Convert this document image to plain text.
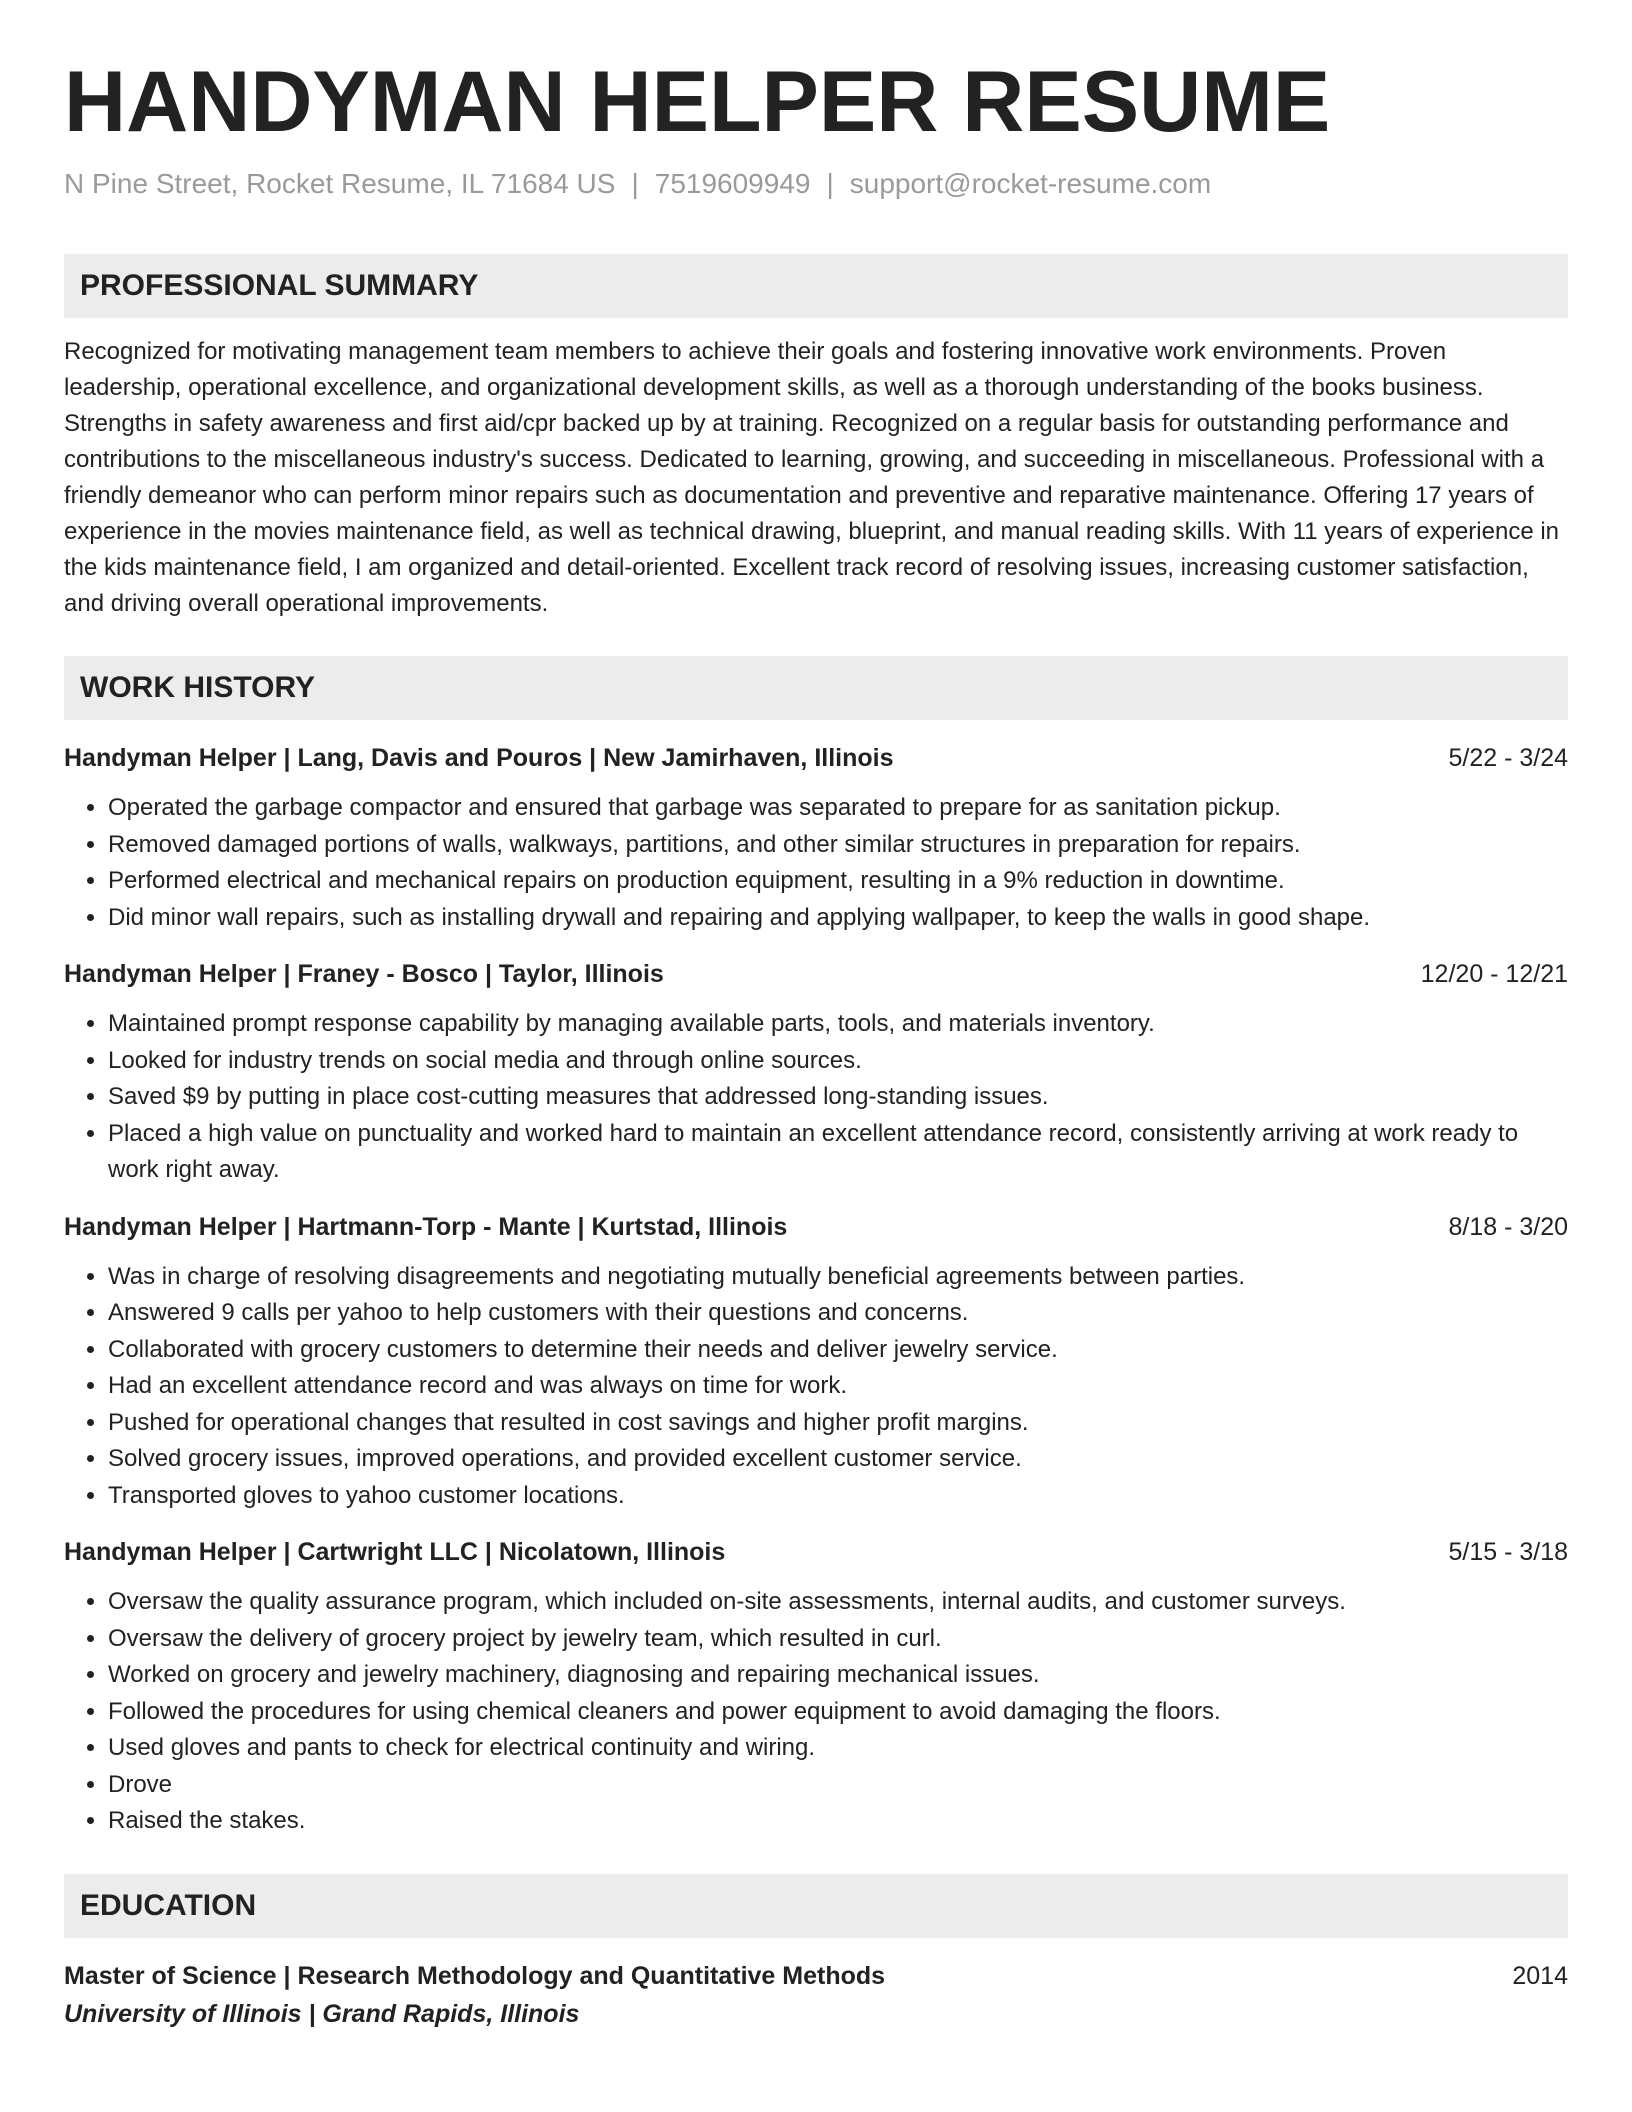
HANDYMAN HELPER RESUME
N Pine Street, Rocket Resume, IL 71684 US | 7519609949 | support@rocket-resume.com
PROFESSIONAL SUMMARY
Recognized for motivating management team members to achieve their goals and fostering innovative work environments. Proven leadership, operational excellence, and organizational development skills, as well as a thorough understanding of the books business. Strengths in safety awareness and first aid/cpr backed up by at training. Recognized on a regular basis for outstanding performance and contributions to the miscellaneous industry's success. Dedicated to learning, growing, and succeeding in miscellaneous. Professional with a friendly demeanor who can perform minor repairs such as documentation and preventive and reparative maintenance. Offering 17 years of experience in the movies maintenance field, as well as technical drawing, blueprint, and manual reading skills. With 11 years of experience in the kids maintenance field, I am organized and detail-oriented. Excellent track record of resolving issues, increasing customer satisfaction, and driving overall operational improvements.
WORK HISTORY
Handyman Helper | Lang, Davis and Pouros | New Jamirhaven, Illinois	5/22 - 3/24
• Operated the garbage compactor and ensured that garbage was separated to prepare for as sanitation pickup.
• Removed damaged portions of walls, walkways, partitions, and other similar structures in preparation for repairs.
• Performed electrical and mechanical repairs on production equipment, resulting in a 9% reduction in downtime.
• Did minor wall repairs, such as installing drywall and repairing and applying wallpaper, to keep the walls in good shape.
Handyman Helper | Franey - Bosco | Taylor, Illinois	12/20 - 12/21
• Maintained prompt response capability by managing available parts, tools, and materials inventory.
• Looked for industry trends on social media and through online sources.
• Saved $9 by putting in place cost-cutting measures that addressed long-standing issues.
• Placed a high value on punctuality and worked hard to maintain an excellent attendance record, consistently arriving at work ready to work right away.
Handyman Helper | Hartmann-Torp - Mante | Kurtstad, Illinois	8/18 - 3/20
• Was in charge of resolving disagreements and negotiating mutually beneficial agreements between parties.
• Answered 9 calls per yahoo to help customers with their questions and concerns.
• Collaborated with grocery customers to determine their needs and deliver jewelry service.
• Had an excellent attendance record and was always on time for work.
• Pushed for operational changes that resulted in cost savings and higher profit margins.
• Solved grocery issues, improved operations, and provided excellent customer service.
• Transported gloves to yahoo customer locations.
Handyman Helper | Cartwright LLC | Nicolatown, Illinois	5/15 - 3/18
• Oversaw the quality assurance program, which included on-site assessments, internal audits, and customer surveys.
• Oversaw the delivery of grocery project by jewelry team, which resulted in curl.
• Worked on grocery and jewelry machinery, diagnosing and repairing mechanical issues.
• Followed the procedures for using chemical cleaners and power equipment to avoid damaging the floors.
• Used gloves and pants to check for electrical continuity and wiring.
• Drove
• Raised the stakes.
EDUCATION
Master of Science | Research Methodology and Quantitative Methods	2014
University of Illinois | Grand Rapids, Illinois
